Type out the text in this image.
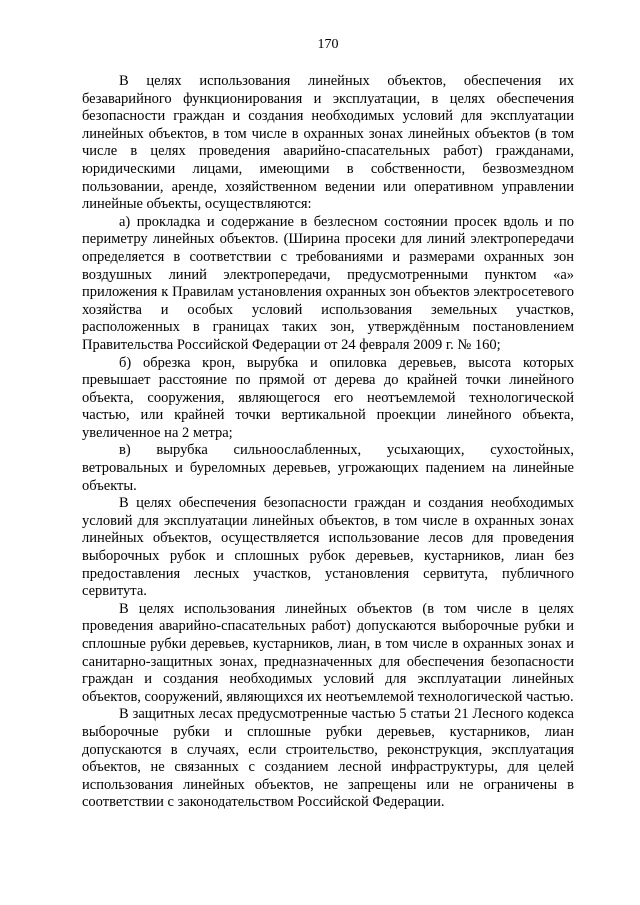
170

В целях использования линейных объектов, обеспечения их безаварийного функционирования и эксплуатации, в целях обеспечения безопасности граждан и создания необходимых условий для эксплуатации линейных объектов, в том числе в охранных зонах линейных объектов (в том числе в целях проведения аварийно-спасательных работ) гражданами, юридическими лицами, имеющими в собственности, безвозмездном пользовании, аренде, хозяйственном ведении или оперативном управлении линейные объекты, осуществляются:

а) прокладка и содержание в безлесном состоянии просек вдоль и по периметру линейных объектов. (Ширина просеки для линий электропередачи определяется в соответствии с требованиями и размерами охранных зон воздушных линий электропередачи, предусмотренными пунктом «а» приложения к Правилам установления охранных зон объектов электросетевого хозяйства и особых условий использования земельных участков, расположенных в границах таких зон, утверждённым постановлением Правительства Российской Федерации от 24 февраля 2009 г. № 160;

б) обрезка крон, вырубка и опиловка деревьев, высота которых превышает расстояние по прямой от дерева до крайней точки линейного объекта, сооружения, являющегося его неотъемлемой технологической частью, или крайней точки вертикальной проекции линейного объекта, увеличенное на 2 метра;

в) вырубка сильноослабленных, усыхающих, сухостойных, ветровальных и буреломных деревьев, угрожающих падением на линейные объекты.

В целях обеспечения безопасности граждан и создания необходимых условий для эксплуатации линейных объектов, в том числе в охранных зонах линейных объектов, осуществляется использование лесов для проведения выборочных рубок и сплошных рубок деревьев, кустарников, лиан без предоставления лесных участков, установления сервитута, публичного сервитута.

В целях использования линейных объектов (в том числе в целях проведения аварийно-спасательных работ) допускаются выборочные рубки и сплошные рубки деревьев, кустарников, лиан, в том числе в охранных зонах и санитарно-защитных зонах, предназначенных для обеспечения безопасности граждан и создания необходимых условий для эксплуатации линейных объектов, сооружений, являющихся их неотъемлемой технологической частью.

В защитных лесах предусмотренные частью 5 статьи 21 Лесного кодекса выборочные рубки и сплошные рубки деревьев, кустарников, лиан допускаются в случаях, если строительство, реконструкция, эксплуатация объектов, не связанных с созданием лесной инфраструктуры, для целей использования линейных объектов, не запрещены или не ограничены в соответствии с законодательством Российской Федерации.
